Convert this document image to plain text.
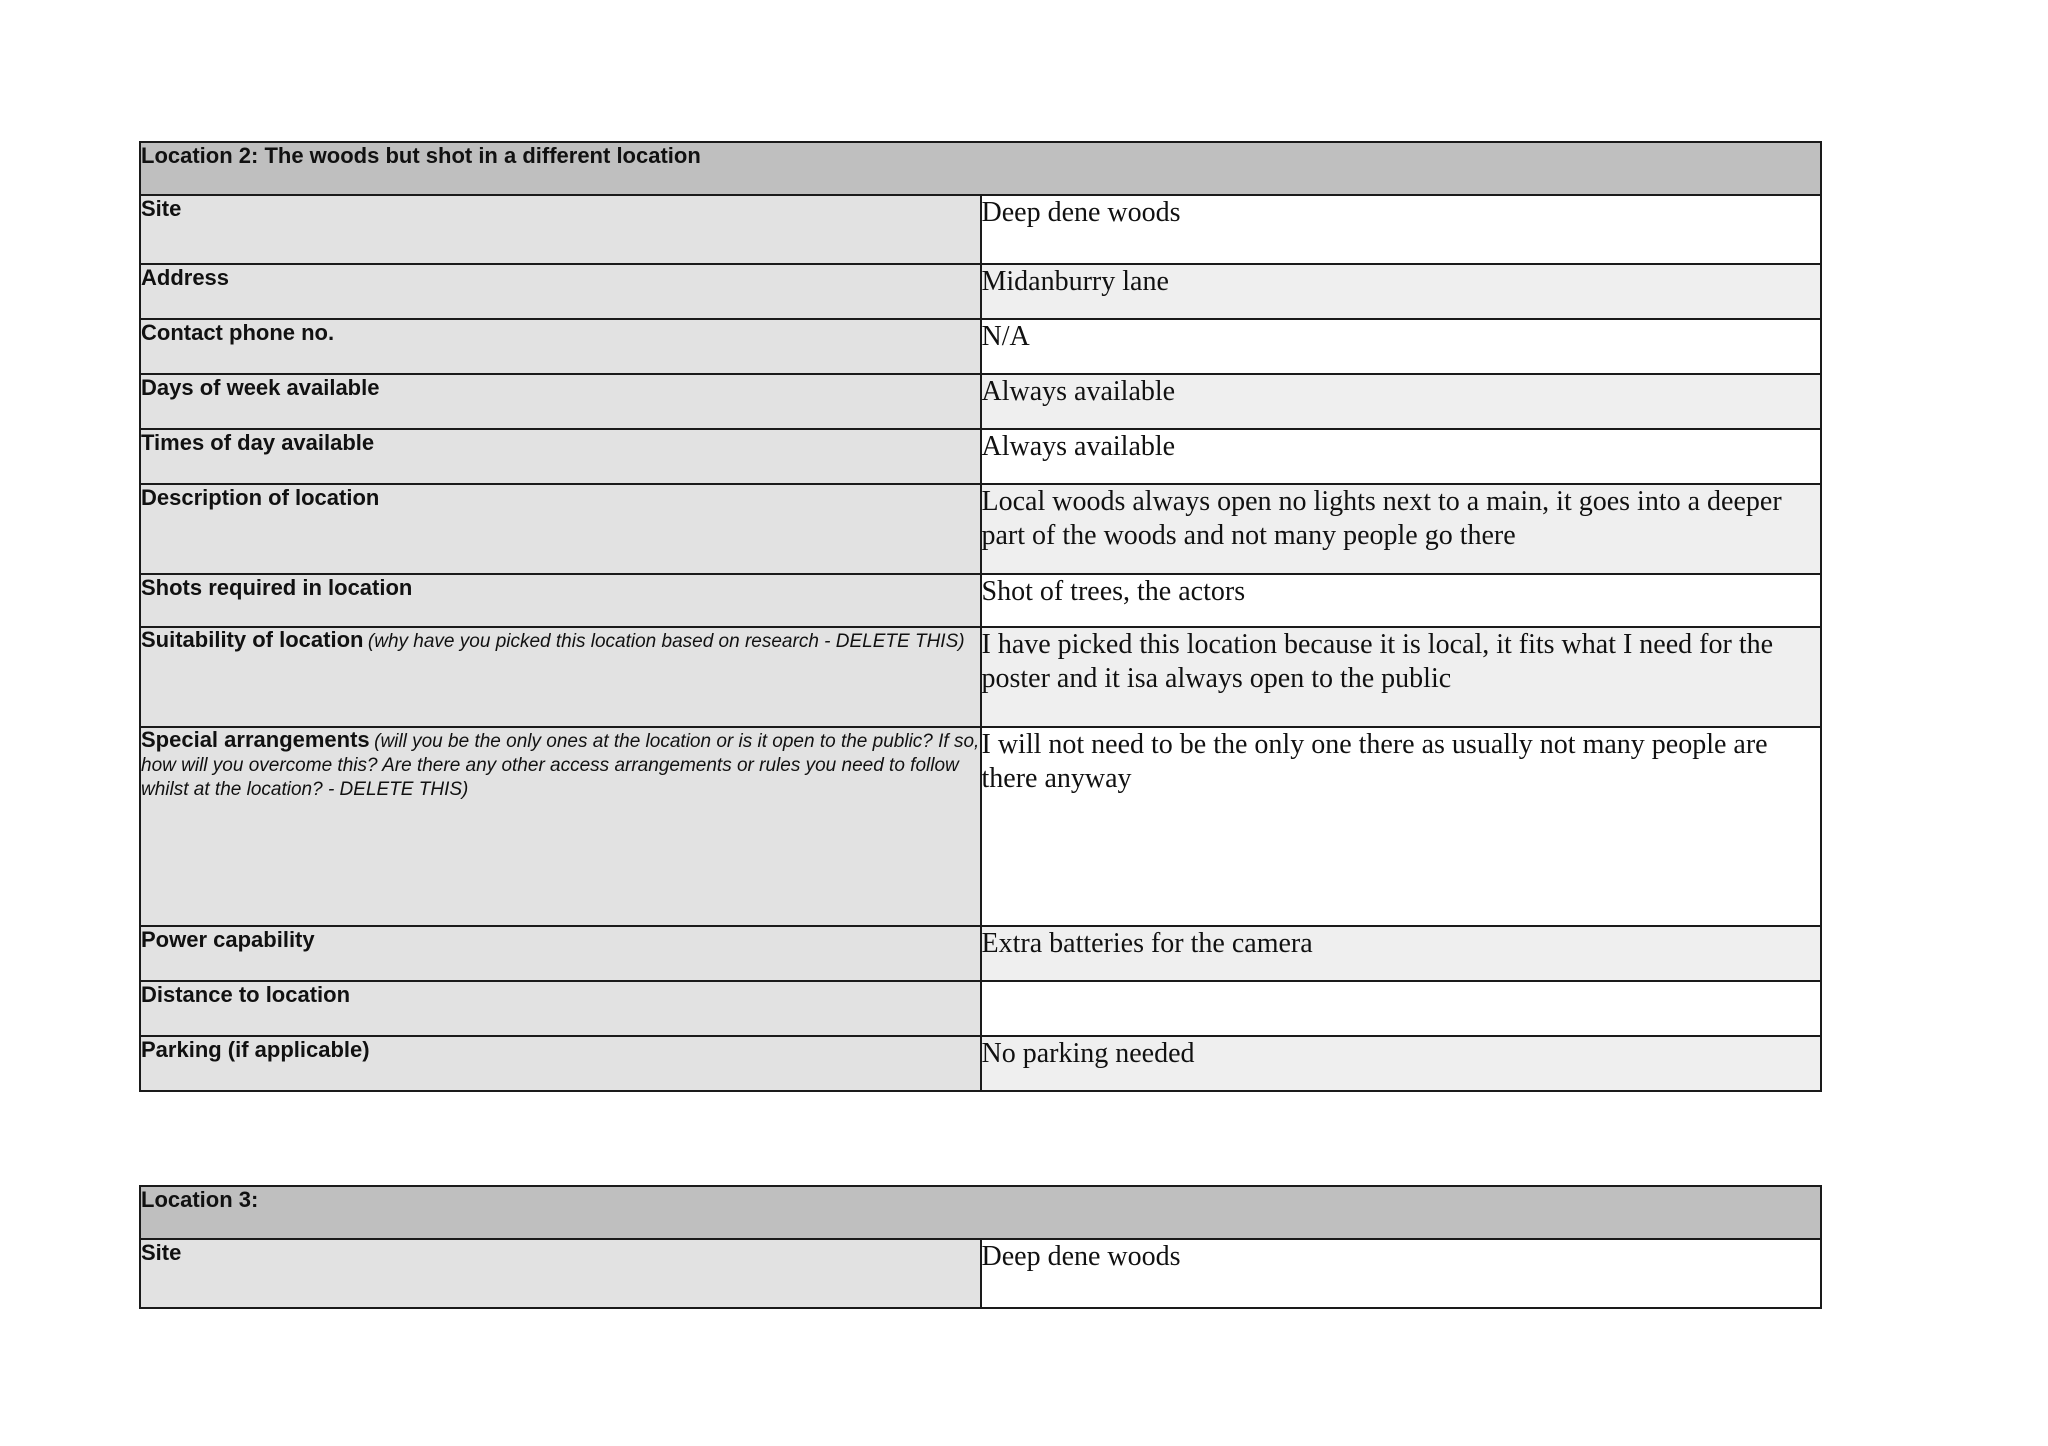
Location 2: The woods but shot in a different location	
Site	Deep dene woods
Address	Midanburry lane
Contact phone no.	N/A
Days of week available	Always available
Times of day available	Always available
Description of location	Local woods always open no lights next to a main, it goes into a deeper part of the woods and not many people go there
Shots required in location	Shot of trees, the actors
Suitability of location (why have you picked this location based on research - DELETE THIS)	I have picked this location because it is local, it fits what I need for the poster and it isa always open to the public
Special arrangements (will you be the only ones at the location or is it open to the public? If so, how will you overcome this? Are there any other access arrangements or rules you need to follow whilst at the location? - DELETE THIS)	I will not need to be the only one there as usually not many people are there anyway
Power capability	Extra batteries for the camera
Distance to location	
Parking (if applicable)	No parking needed
Location 3:
Site	Deep dene woods
